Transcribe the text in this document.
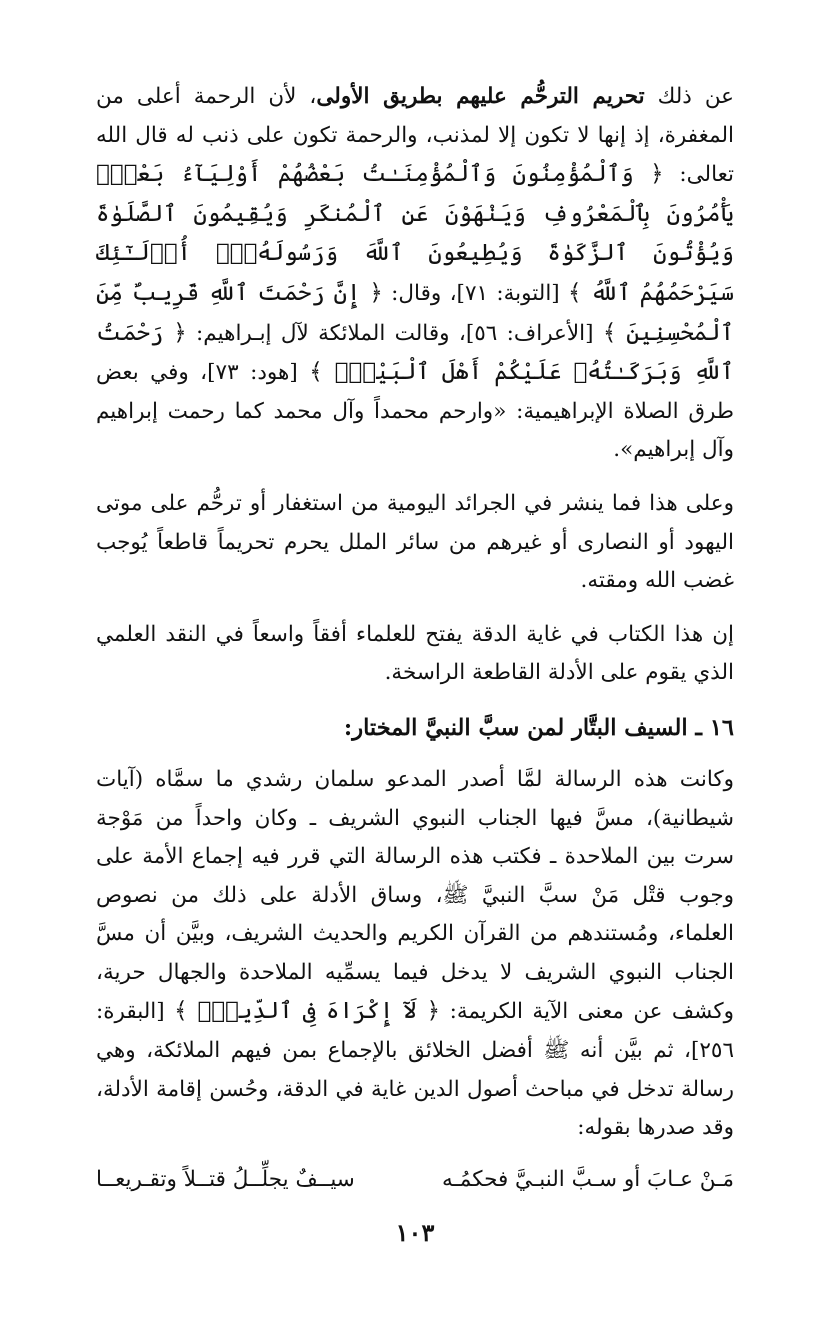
عن ذلك تحريم الترحُّم عليهم بطريق الأولى، لأن الرحمة أعلى من المغفرة، إذ إنها لا تكون إلا لمذنب، والرحمة تكون على ذنب له قال الله تعالى: ﴿ وَٱلْمُؤْمِنُونَ وَٱلْمُؤْمِنَـٰتُ بَعْضُهُمْ أَوْلِيَآءُ بَعْضٍۚ يَأْمُرُونَ بِٱلْمَعْرُوفِ وَيَنْهَوْنَ عَنِ ٱلْمُنكَرِ وَيُقِيمُونَ ٱلصَّلَوٰةَ وَيُؤْتُونَ ٱلزَّكَوٰةَ وَيُطِيعُونَ ٱللَّهَ وَرَسُولَهُۥٓۚ أُو۟لَـٰٓئِكَ سَيَرْحَمُهُمُ ٱللَّهُ ﴾ [التوبة: ٧١]، وقال: ﴿ إِنَّ رَحْمَتَ ٱللَّهِ قَرِيبٌ مِّنَ ٱلْمُحْسِنِينَ ﴾ [الأعراف: ٥٦]، وقالت الملائكة لآل إبـراهيم: ﴿ رَحْمَتُ ٱللَّهِ وَبَرَكَـٰتُهُۥ عَلَيْكُمْ أَهْلَ ٱلْبَيْتِۚ ﴾ [هود: ٧٣]، وفي بعض طرق الصلاة الإبراهيمية: «وارحم محمداً وآل محمد كما رحمت إبراهيم وآل إبراهيم».

وعلى هذا فما ينشر في الجرائد اليومية من استغفار أو ترحُّم على موتى اليهود أو النصارى أو غيرهم من سائر الملل يحرم تحريماً قاطعاً يُوجب غضب الله ومقته.

إن هذا الكتاب في غاية الدقة يفتح للعلماء أفقاً واسعاً في النقد العلمي الذي يقوم على الأدلة القاطعة الراسخة.

١٦ ـ السيف البتَّار لمن سبَّ النبيَّ المختار:

وكانت هذه الرسالة لمَّا أصدر المدعو سلمان رشدي ما سمَّاه (آيات شيطانية)، مسَّ فيها الجناب النبوي الشريف ـ وكان واحداً من مَوْجة سرت بين الملاحدة ـ فكتب هذه الرسالة التي قرر فيه إجماع الأمة على وجوب قتْل مَنْ سبَّ النبيَّ ﷺ، وساق الأدلة على ذلك من نصوص العلماء، ومُستندهم من القرآن الكريم والحديث الشريف، وبيَّن أن مسَّ الجناب النبوي الشريف لا يدخل فيما يسمِّيه الملاحدة والجهال حرية، وكشف عن معنى الآية الكريمة: ﴿ لَآ إِكْرَاهَ فِى ٱلدِّينِۖ ﴾ [البقرة: ٢٥٦]، ثم بيَّن أنه ﷺ أفضل الخلائق بالإجماع بمن فيهم الملائكة، وهي رسالة تدخل في مباحث أصول الدين غاية في الدقة، وحُسن إقامة الأدلة، وقد صدرها بقوله:

مَـنْ عـابَ أو سـبَّ النبـيَّ فحكمُـه
سيــفٌ يجلِّــلُ قتــلاً وتقـريعــا
١٠٣
